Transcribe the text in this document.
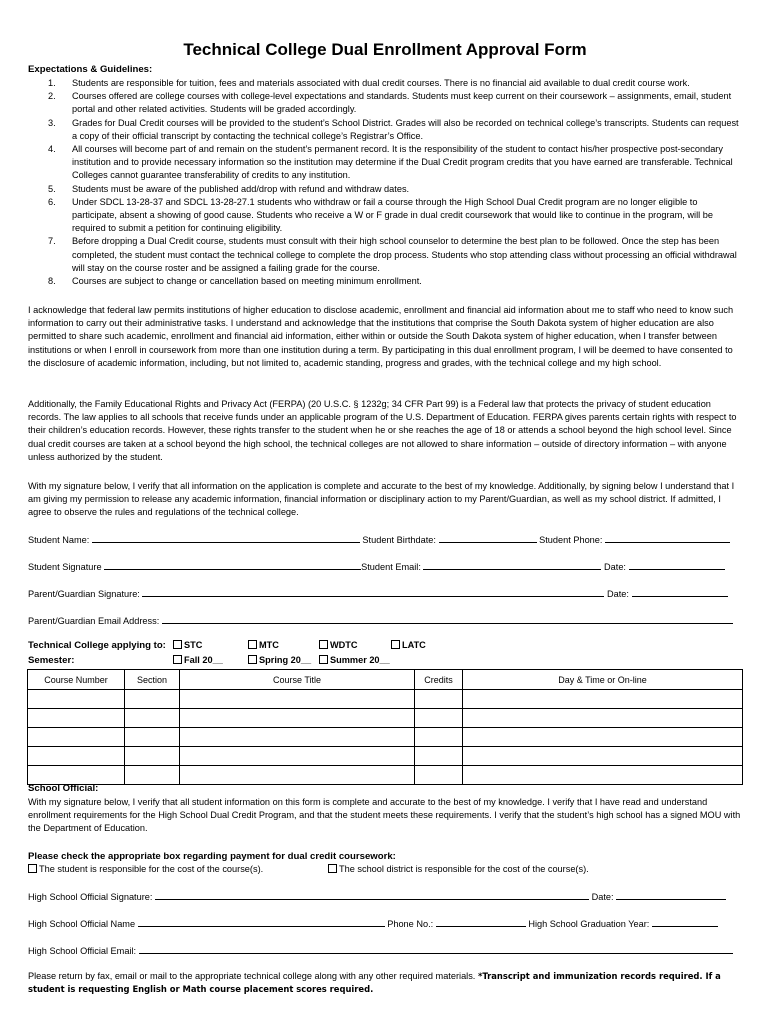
Technical College Dual Enrollment Approval Form
Expectations & Guidelines:
1. Students are responsible for tuition, fees and materials associated with dual credit courses. There is no financial aid available to dual credit course work.
2. Courses offered are college courses with college-level expectations and standards. Students must keep current on their coursework – assignments, email, student portal and other related activities. Students will be graded accordingly.
3. Grades for Dual Credit courses will be provided to the student’s School District. Grades will also be recorded on technical college’s transcripts. Students can request a copy of their official transcript by contacting the technical college’s Registrar’s Office.
4. All courses will become part of and remain on the student’s permanent record. It is the responsibility of the student to contact his/her prospective post-secondary institution and to provide necessary information so the institution may determine if the Dual Credit program credits that you have earned are transferable. Technical Colleges cannot guarantee transferability of credits to any institution.
5. Students must be aware of the published add/drop with refund and withdraw dates.
6. Under SDCL 13-28-37 and SDCL 13-28-27.1 students who withdraw or fail a course through the High School Dual Credit program are no longer eligible to participate, absent a showing of good cause. Students who receive a W or F grade in dual credit coursework that would like to continue in the program, will be required to submit a petition for continuing eligibility.
7. Before dropping a Dual Credit course, students must consult with their high school counselor to determine the best plan to be followed. Once the step has been completed, the student must contact the technical college to complete the drop process. Students who stop attending class without processing an official withdrawal will stay on the course roster and be assigned a failing grade for the course.
8. Courses are subject to change or cancellation based on meeting minimum enrollment.
I acknowledge that federal law permits institutions of higher education to disclose academic, enrollment and financial aid information about me to staff who need to know such information to carry out their administrative tasks. I understand and acknowledge that the institutions that comprise the South Dakota system of higher education are also permitted to share such academic, enrollment and financial aid information, either within or outside the South Dakota system of higher education, when I transfer between institutions or when I enroll in coursework from more than one institution during a term. By participating in this dual enrollment program, I will be deemed to have consented to the disclosure of academic information, including, but not limited to, academic standing, progress and grades, with the technical college and my high school.
Additionally, the Family Educational Rights and Privacy Act (FERPA) (20 U.S.C. § 1232g; 34 CFR Part 99) is a Federal law that protects the privacy of student education records. The law applies to all schools that receive funds under an applicable program of the U.S. Department of Education. FERPA gives parents certain rights with respect to their children’s education records. However, these rights transfer to the student when he or she reaches the age of 18 or attends a school beyond the high school level. Since dual credit courses are taken at a school beyond the high school, the technical colleges are not allowed to share information – outside of directory information – with anyone unless authorized by the student.
With my signature below, I verify that all information on the application is complete and accurate to the best of my knowledge. Additionally, by signing below I understand that I am giving my permission to release any academic information, financial information or disciplinary action to my Parent/Guardian, as well as my school district. If admitted, I agree to observe the rules and regulations of the technical college.
Student Name:	Student Birthdate:	Student Phone:
Student Signature	Student Email:	Date:
Parent/Guardian Signature:	Date:
Parent/Guardian Email Address:
Technical College applying to:	STC	MTC	WDTC	LATC
Semester:	Fall 20__	Spring 20__	Summer 20__
Course Number	Section	Course Title	Credits	Day & Time or On-line

School Official:
With my signature below, I verify that all student information on this form is complete and accurate to the best of my knowledge. I verify that I have read and understand enrollment requirements for the High School Dual Credit Program, and that the student meets these requirements. I verify that the student’s high school has a signed MOU with the Department of Education.
Please check the appropriate box regarding payment for dual credit coursework:
The student is responsible for the cost of the course(s).	The school district is responsible for the cost of the course(s).
High School Official Signature:	Date:
High School Official Name	Phone No.:	High School Graduation Year:
High School Official Email:
Please return by fax, email or mail to the appropriate technical college along with any other required materials. *Transcript and immunization records required. If a student is requesting English or Math course placement scores required.
